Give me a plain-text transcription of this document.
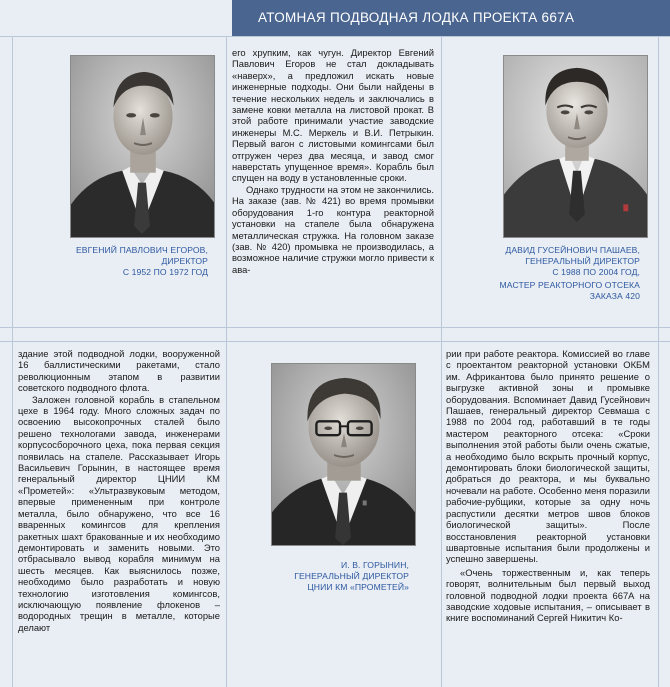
АТОМНАЯ ПОДВОДНАЯ ЛОДКА ПРОЕКТА 667А
ЕВГЕНИЙ ПАВЛОВИЧ ЕГОРОВ,
ДИРЕКТОР
С 1952 ПО 1972 ГОД

его хрупким, как чугун. Директор Евгений Павлович Егоров не стал докладывать «наверх», а предложил искать новые инженерные подходы. Они были найдены в течение нескольких недель и заключались в замене ковки металла на листовой прокат. В этой работе принимали участие заводские инженеры М.С. Меркель и В.И. Петрыкин. Первый вагон с листовыми комингсами был отгружен через два месяца, и завод смог наверстать упущенное время». Корабль был спущен на воду в установленные сроки.

Однако трудности на этом не закончились. На заказе (зав. № 421) во время промывки оборудования 1-го контура реакторной установки на стапеле была обнаружена металлическая стружка. На головном заказе (зав. № 420) промывка не производилась, а возможное наличие стружки могло привести к ава-

ДАВИД ГУСЕЙНОВИЧ ПАШАЕВ,
ГЕНЕРАЛЬНЫЙ ДИРЕКТОР
С 1988 ПО 2004 ГОД,
МАСТЕР РЕАКТОРНОГО ОТСЕКА
ЗАКАЗА 420

здание этой подводной лодки, вооруженной 16 баллистическими ракетами, стало революционным этапом в развитии советского подводного флота.

Заложен головной корабль в стапельном цехе в 1964 году. Много сложных задач по освоению высокопрочных сталей было решено технологами завода, инженерами корпусосборочного цеха, пока первая секция появилась на стапеле. Рассказывает Игорь Васильевич Горынин, в настоящее время генеральный директор ЦНИИ КМ «Прометей»: «Ультразвуковым методом, впервые примененным при контроле металла, было обнаружено, что все 16 вваренных комингсов для крепления ракетных шахт бракованные и их необходимо демонтировать и заменить новыми. Это отбрасывало вывод корабля минимум на шесть месяцев. Как выяснилось позже, необходимо было разработать и новую технологию изготовления комингсов, исключающую появление флокенов – водородных трещин в металле, которые делают

И. В. ГОРЫНИН,
ГЕНЕРАЛЬНЫЙ ДИРЕКТОР
ЦНИИ КМ «ПРОМЕТЕЙ»

рии при работе реактора. Комиссией во главе с проектантом реакторной установки ОКБМ им. Африкантова было принято решение о выгрузке активной зоны и промывке оборудования. Вспоминает Давид Гусейнович Пашаев, генеральный директор Севмаша с 1988 по 2004 год, работавший в те годы мастером реакторного отсека: «Сроки выполнения этой работы были очень сжатые, а необходимо было вскрыть прочный корпус, демонтировать блоки биологической защиты, добраться до реактора, и мы буквально ночевали на работе. Особенно меня поразили рабочие-рубщики, которые за одну ночь распустили десятки метров швов блоков биологической защиты». После восстановления реакторной установки швартовные испытания были продолжены и успешно завершены.

«Очень торжественным и, как теперь говорят, волнительным был первый выход головной подводной лодки проекта 667А на заводские ходовые испытания, – описывает в книге воспоминаний Сергей Никитич Ко-
